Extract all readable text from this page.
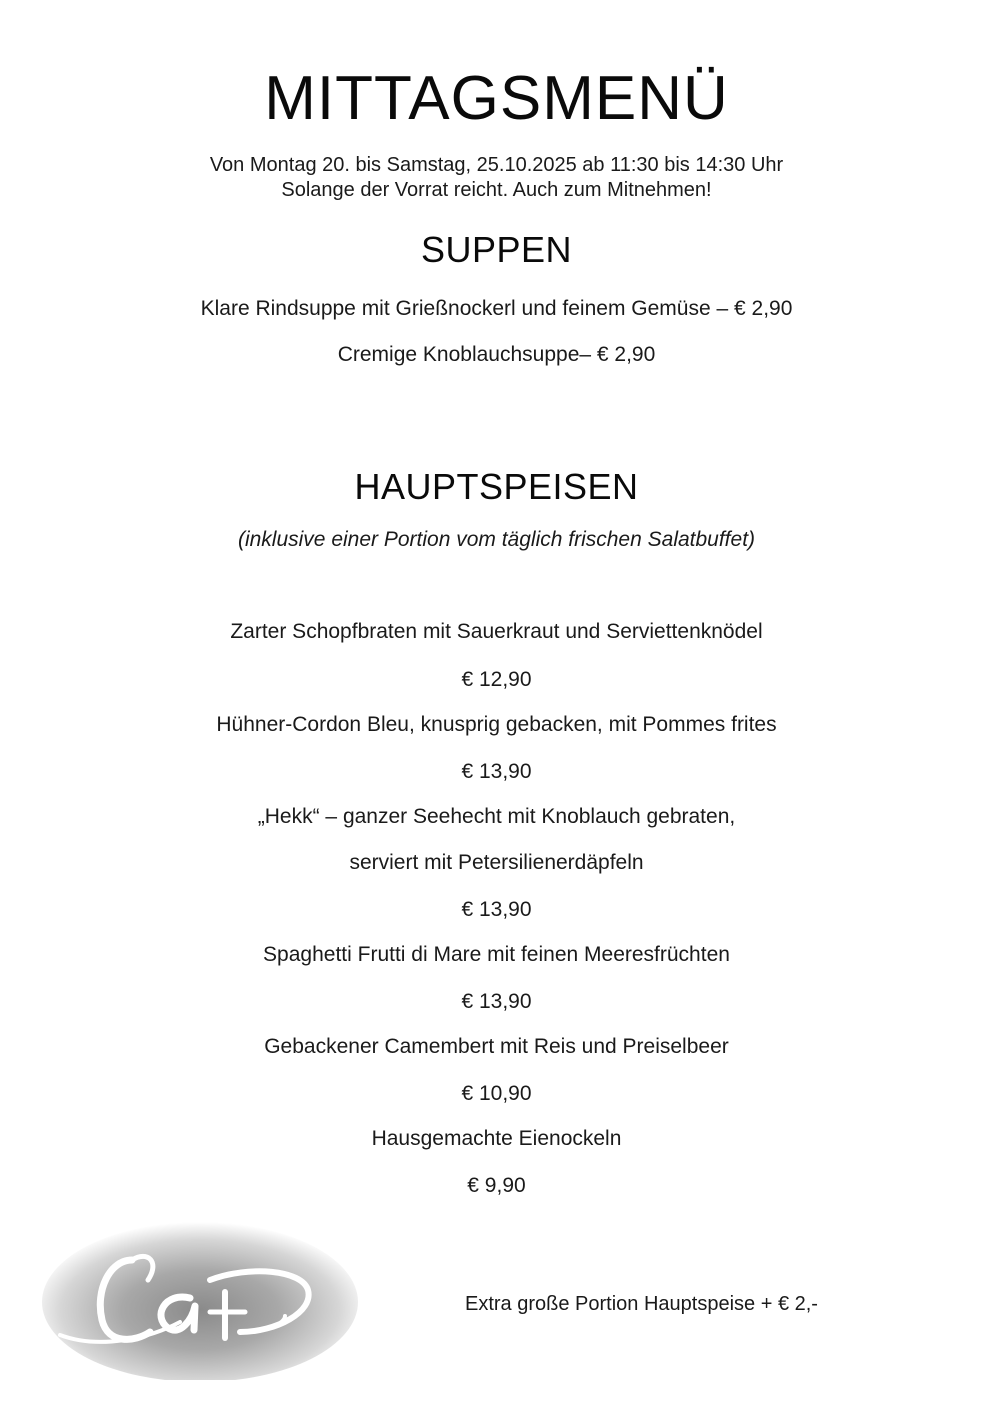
MITTAGSMENÜ
Von Montag 20. bis Samstag, 25.10.2025 ab 11:30 bis 14:30 Uhr
Solange der Vorrat reicht. Auch zum Mitnehmen!
SUPPEN
Klare Rindsuppe mit Grießnockerl und feinem Gemüse – € 2,90
Cremige Knoblauchsuppe– € 2,90
HAUPTSPEISEN
(inklusive einer Portion vom täglich frischen Salatbuffet)
Zarter Schopfbraten mit Sauerkraut und Serviettenknödel
€ 12,90
Hühner-Cordon Bleu, knusprig gebacken, mit Pommes frites
€ 13,90
„Hekk“ – ganzer Seehecht mit Knoblauch gebraten,
serviert mit Petersilienerdäpfeln
€ 13,90
Spaghetti Frutti di Mare mit feinen Meeresfrüchten
€ 13,90
Gebackener Camembert mit Reis und Preiselbeer
€ 10,90
Hausgemachte Eienockeln
€ 9,90
Extra große Portion Hauptspeise + € 2,-
